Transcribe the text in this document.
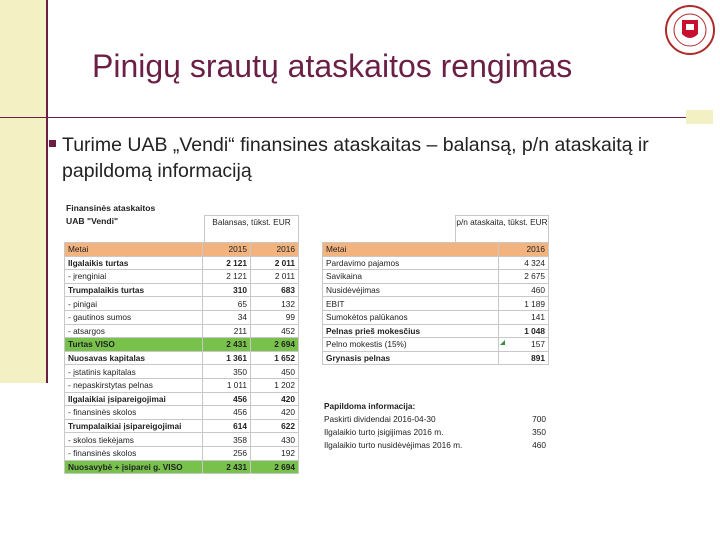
Pinigų srautų ataskaitos rengimas
Turime UAB „Vendi“ finansines ataskaitas – balansą, p/n ataskaitą ir papildomą informaciją
Finansinės ataskaitos
UAB "Vendi"	Balansas, tūkst. EUR
Metai	2015	2016
Ilgalaikis turtas	2 121	2 011
- įrenginiai	2 121	2 011
Trumpalaikis turtas	310	683
- pinigai	65	132
- gautinos sumos	34	99
- atsargos	211	452
Turtas VISO	2 431	2 694
Nuosavas kapitalas	1 361	1 652
- įstatinis kapitalas	350	450
- nepaskirstytas pelnas	1 011	1 202
Ilgalaikiai įsipareigojimai	456	420
- finansinės skolos	456	420
Trumpalaikiai įsipareigojimai	614	622
- skolos tiekėjams	358	430
- finansinės skolos	256	192
Nuosavybė + įsiparei g. VISO	2 431	2 694
p/n ataskaita, tūkst. EUR
Metai	2016
Pardavimo pajamos	4 324
Savikaina	2 675
Nusidėvėjimas	460
EBIT	1 189
Sumokėtos palūkanos	141
Pelnas prieš mokesčius	1 048
Pelno mokestis (15%)	157
Grynasis pelnas	891
Papildoma informacija:	
Paskirti dividendai 2016-04-30	700
Ilgalaikio turto įsigijimas 2016 m.	350
Ilgalaikio turto nusidėvėjimas 2016 m.	460
